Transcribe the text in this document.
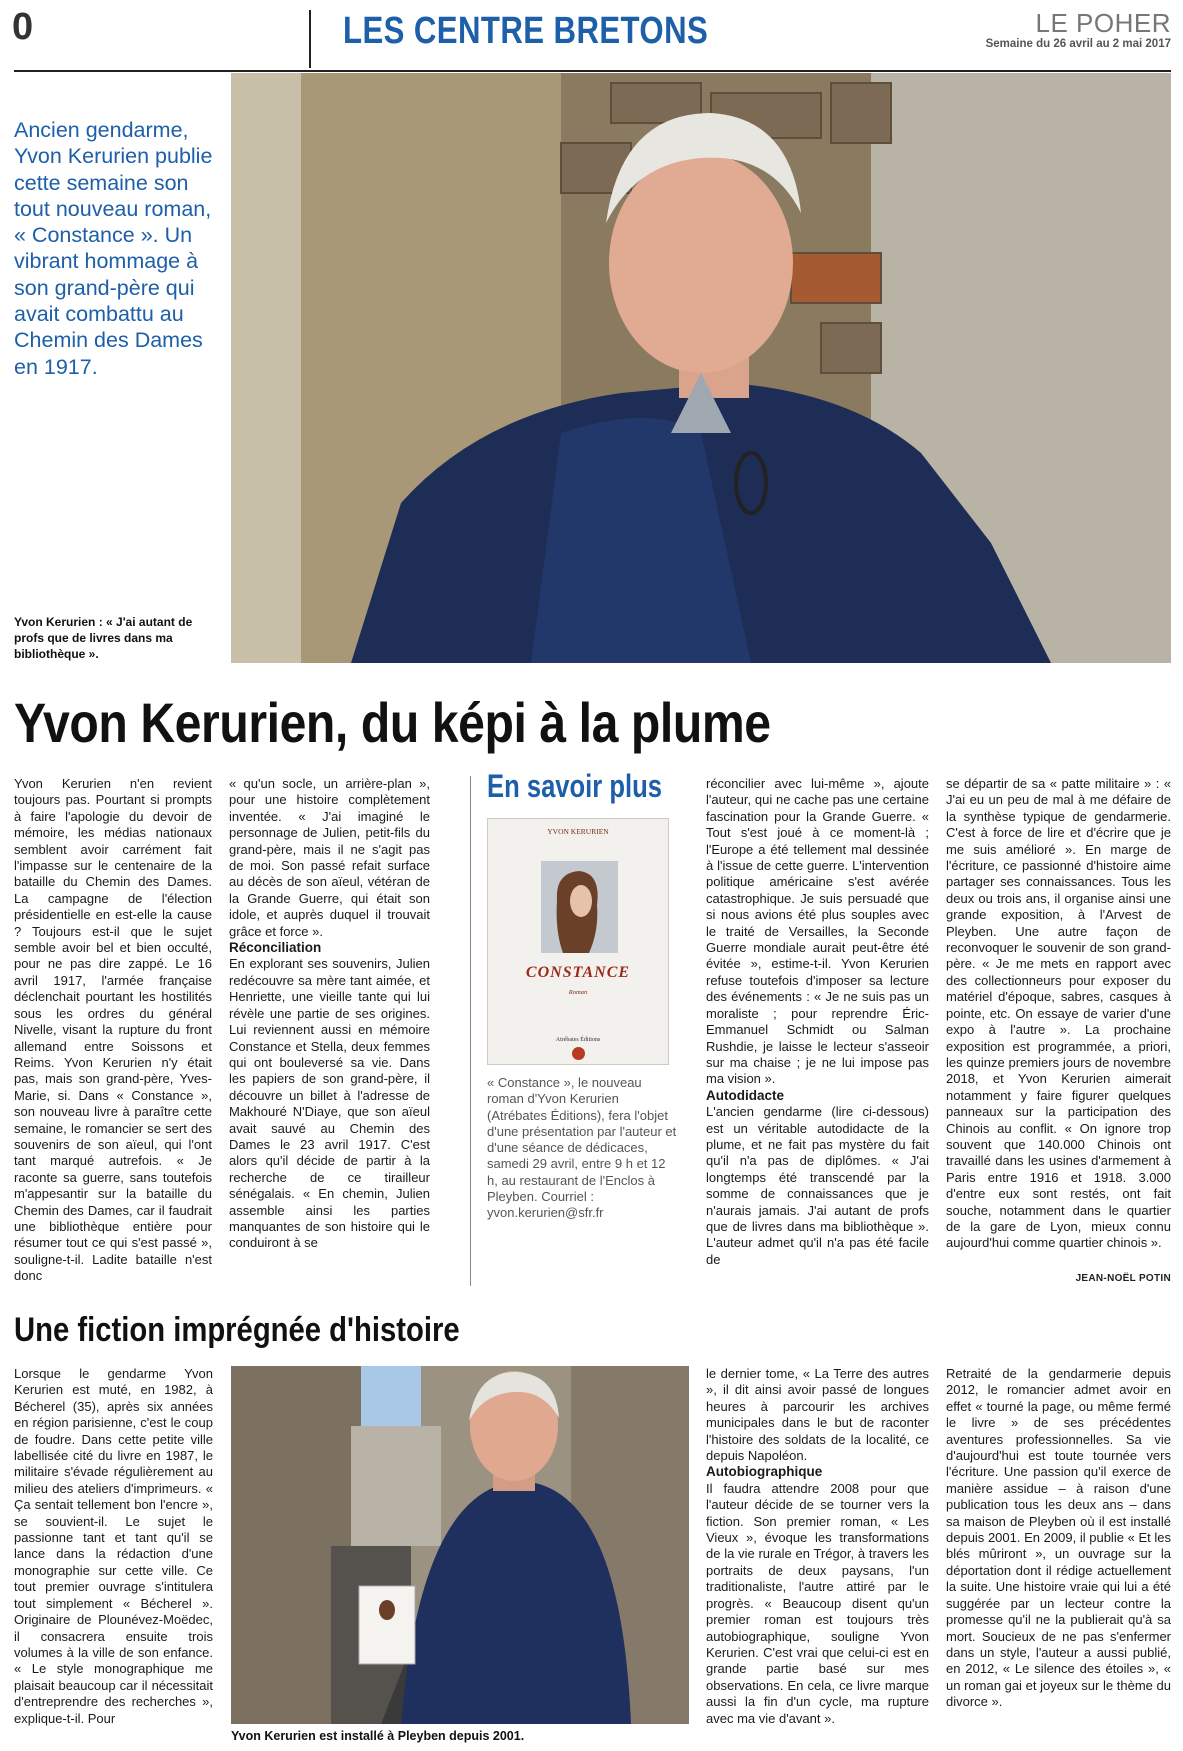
0	LES CENTRE BRETONS	LE POHER
Semaine du 26 avril au 2 mai 2017
Ancien gendarme, Yvon Kerurien publie cette semaine son tout nouveau roman, « Constance ». Un vibrant hommage à son grand-père qui avait combattu au Chemin des Dames en 1917.
Yvon Kerurien : « J'ai autant de profs que de livres dans ma bibliothèque ».
Yvon Kerurien, du képi à la plume

Yvon Kerurien n'en revient toujours pas. Pourtant si prompts à faire l'apologie du devoir de mémoire, les médias nationaux semblent avoir carrément fait l'impasse sur le centenaire de la bataille du Chemin des Dames. La campagne de l'élection présidentielle en est-elle la cause ? Toujours est-il que le sujet semble avoir bel et bien occulté, pour ne pas dire zappé. Le 16 avril 1917, l'armée française déclenchait pourtant les hostilités sous les ordres du général Nivelle, visant la rupture du front allemand entre Soissons et Reims. Yvon Kerurien n'y était pas, mais son grand-père, Yves-Marie, si. Dans « Constance », son nouveau livre à paraître cette semaine, le romancier se sert des souvenirs de son aïeul, qui l'ont tant marqué autrefois. « Je raconte sa guerre, sans toutefois m'appesantir sur la bataille du Chemin des Dames, car il faudrait une bibliothèque entière pour résumer tout ce qui s'est passé », souligne-t-il. Ladite bataille n'est donc

« qu'un socle, un arrière-plan », pour une histoire complètement inventée. « J'ai imaginé le personnage de Julien, petit-fils du grand-père, mais il ne s'agit pas de moi. Son passé refait surface au décès de son aïeul, vétéran de la Grande Guerre, qui était son idole, et auprès duquel il trouvait grâce et force ».

Réconciliation

En explorant ses souvenirs, Julien redécouvre sa mère tant aimée, et Henriette, une vieille tante qui lui révèle une partie de ses origines. Lui reviennent aussi en mémoire Constance et Stella, deux femmes qui ont bouleversé sa vie. Dans les papiers de son grand-père, il découvre un billet à l'adresse de Makhouré N'Diaye, que son aïeul avait sauvé au Chemin des Dames le 23 avril 1917. C'est alors qu'il décide de partir à la recherche de ce tirailleur sénégalais. « En chemin, Julien assemble ainsi les parties manquantes de son histoire qui le conduiront à se

En savoir plus
YVON KERURIEN
CONSTANCE
Roman
Atrébates Éditions
« Constance », le nouveau roman d'Yvon Kerurien (Atrébates Éditions), fera l'objet d'une présentation par l'auteur et d'une séance de dédicaces, samedi 29 avril, entre 9 h et 12 h, au restaurant de l'Enclos à Pleyben. Courriel : yvon.kerurien@sfr.fr

réconcilier avec lui-même », ajoute l'auteur, qui ne cache pas une certaine fascination pour la Grande Guerre. « Tout s'est joué à ce moment-là ; l'Europe a été tellement mal dessinée à l'issue de cette guerre. L'intervention politique américaine s'est avérée catastrophique. Je suis persuadé que si nous avions été plus souples avec le traité de Versailles, la Seconde Guerre mondiale aurait peut-être été évitée », estime-t-il. Yvon Kerurien refuse toutefois d'imposer sa lecture des événements : « Je ne suis pas un moraliste ; pour reprendre Éric-Emmanuel Schmidt ou Salman Rushdie, je laisse le lecteur s'asseoir sur ma chaise ; je ne lui impose pas ma vision ».

Autodidacte

L'ancien gendarme (lire ci-dessous) est un véritable autodidacte de la plume, et ne fait pas mystère du fait qu'il n'a pas de diplômes. « J'ai longtemps été transcendé par la somme de connaissances que je n'aurais jamais. J'ai autant de profs que de livres dans ma bibliothèque ». L'auteur admet qu'il n'a pas été facile de

se départir de sa « patte militaire » : « J'ai eu un peu de mal à me défaire de la synthèse typique de gendarmerie. C'est à force de lire et d'écrire que je me suis amélioré ». En marge de l'écriture, ce passionné d'histoire aime partager ses connaissances. Tous les deux ou trois ans, il organise ainsi une grande exposition, à l'Arvest de Pleyben. Une autre façon de reconvoquer le souvenir de son grand-père. « Je me mets en rapport avec des collectionneurs pour exposer du matériel d'époque, sabres, casques à pointe, etc. On essaye de varier d'une expo à l'autre ». La prochaine exposition est programmée, a priori, les quinze premiers jours de novembre 2018, et Yvon Kerurien aimerait notamment y faire figurer quelques panneaux sur la participation des Chinois au conflit. « On ignore trop souvent que 140.000 Chinois ont travaillé dans les usines d'armement à Paris entre 1916 et 1918. 3.000 d'entre eux sont restés, ont fait souche, notamment dans le quartier de la gare de Lyon, mieux connu aujourd'hui comme quartier chinois ».

JEAN-NOËL POTIN
Une fiction imprégnée d'histoire

Lorsque le gendarme Yvon Kerurien est muté, en 1982, à Bécherel (35), après six années en région parisienne, c'est le coup de foudre. Dans cette petite ville labellisée cité du livre en 1987, le militaire s'évade régulièrement au milieu des ateliers d'imprimeurs. « Ça sentait tellement bon l'encre », se souvient-il. Le sujet le passionne tant et tant qu'il se lance dans la rédaction d'une monographie sur cette ville. Ce tout premier ouvrage s'intitulera tout simplement « Bécherel ». Originaire de Plounévez-Moëdec, il consacrera ensuite trois volumes à la ville de son enfance. « Le style monographique me plaisait beaucoup car il nécessitait d'entreprendre des recherches », explique-t-il. Pour

Yvon Kerurien est installé à Pleyben depuis 2001.

le dernier tome, « La Terre des autres », il dit ainsi avoir passé de longues heures à parcourir les archives municipales dans le but de raconter l'histoire des soldats de la localité, ce depuis Napoléon.

Autobiographique

Il faudra attendre 2008 pour que l'auteur décide de se tourner vers la fiction. Son premier roman, « Les Vieux », évoque les transformations de la vie rurale en Trégor, à travers les portraits de deux paysans, l'un traditionaliste, l'autre attiré par le progrès. « Beaucoup disent qu'un premier roman est toujours très autobiographique, souligne Yvon Kerurien. C'est vrai que celui-ci est en grande partie basé sur mes observations. En cela, ce livre marque aussi la fin d'un cycle, ma rupture avec ma vie d'avant ».

Retraité de la gendarmerie depuis 2012, le romancier admet avoir en effet « tourné la page, ou même fermé le livre » de ses précédentes aventures professionnelles. Sa vie d'aujourd'hui est toute tournée vers l'écriture. Une passion qu'il exerce de manière assidue – à raison d'une publication tous les deux ans – dans sa maison de Pleyben où il est installé depuis 2001. En 2009, il publie « Et les blés mûriront », un ouvrage sur la déportation dont il rédige actuellement la suite. Une histoire vraie qui lui a été suggérée par un lecteur contre la promesse qu'il ne la publierait qu'à sa mort. Soucieux de ne pas s'enfermer dans un style, l'auteur a aussi publié, en 2012, « Le silence des étoiles », « un roman gai et joyeux sur le thème du divorce ».
